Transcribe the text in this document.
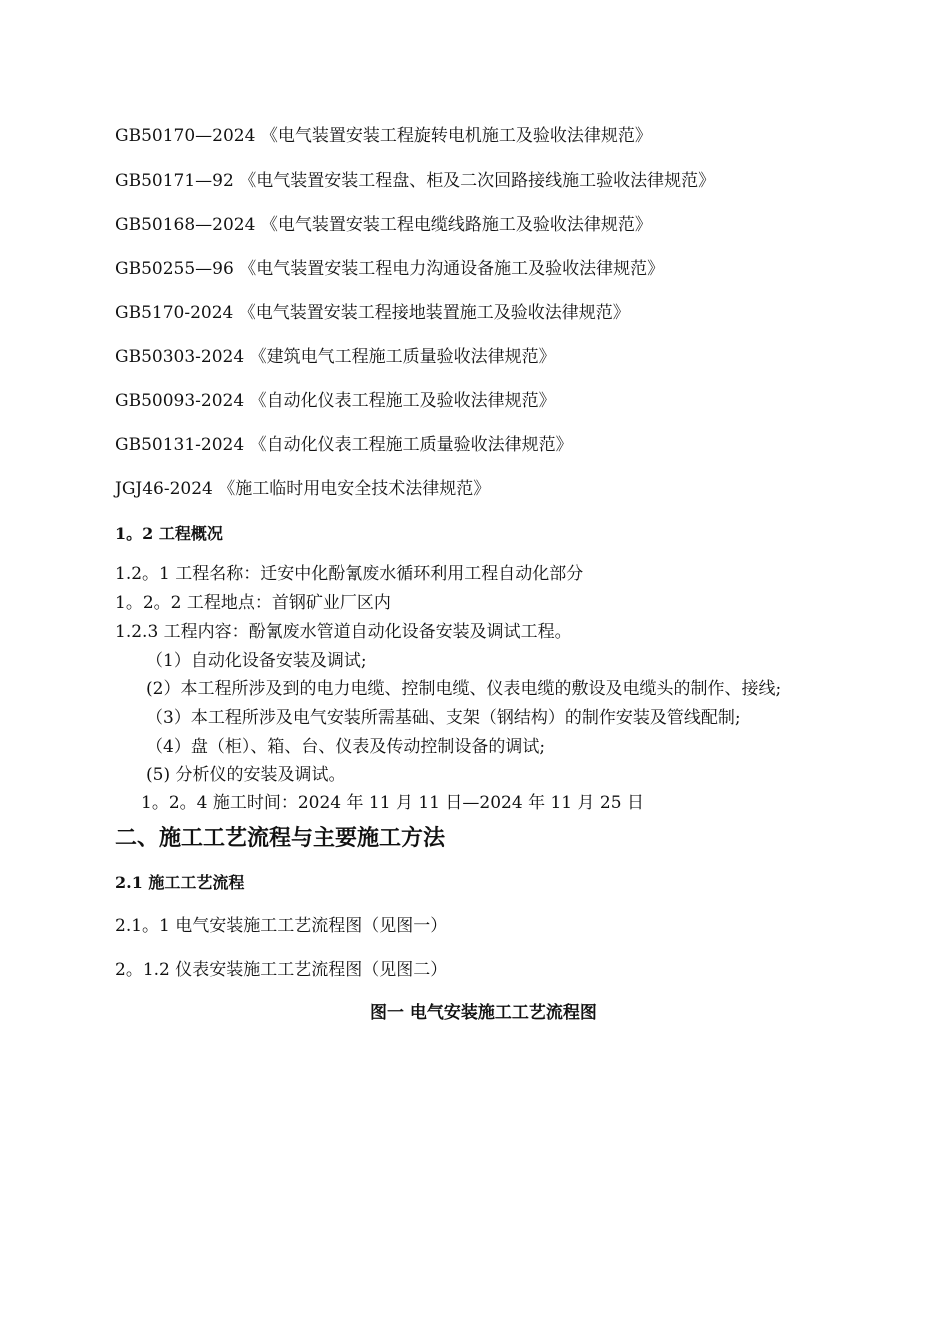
GB50170—2024 《电气装置安装工程旋转电机施工及验收法律规范》
GB50171—92 《电气装置安装工程盘、柜及二次回路接线施工验收法律规范》
GB50168—2024 《电气装置安装工程电缆线路施工及验收法律规范》
GB50255—96 《电气装置安装工程电力沟通设备施工及验收法律规范》
GB5170-2024 《电气装置安装工程接地装置施工及验收法律规范》
GB50303-2024 《建筑电气工程施工质量验收法律规范》
GB50093-2024 《自动化仪表工程施工及验收法律规范》
GB50131-2024 《自动化仪表工程施工质量验收法律规范》
JGJ46-2024 《施工临时用电安全技术法律规范》
1。2 工程概况
1.2。1 工程名称：迁安中化酚氰废水循环利用工程自动化部分
1。2。2 工程地点：首钢矿业厂区内
1.2.3 工程内容：酚氰废水管道自动化设备安装及调试工程。
（1）自动化设备安装及调试;
(2）本工程所涉及到的电力电缆、控制电缆、仪表电缆的敷设及电缆头的制作、接线;
（3）本工程所涉及电气安装所需基础、支架（钢结构）的制作安装及管线配制;
（4）盘（柜）、箱、台、仪表及传动控制设备的调试;
(5) 分析仪的安装及调试。
1。2。4 施工时间：2024 年 11 月 11 日—2024 年 11 月 25 日
二、施工工艺流程与主要施工方法
2.1 施工工艺流程
2.1。1 电气安装施工工艺流程图（见图一）
2。1.2 仪表安装施工工艺流程图（见图二）
图一 电气安装施工工艺流程图
